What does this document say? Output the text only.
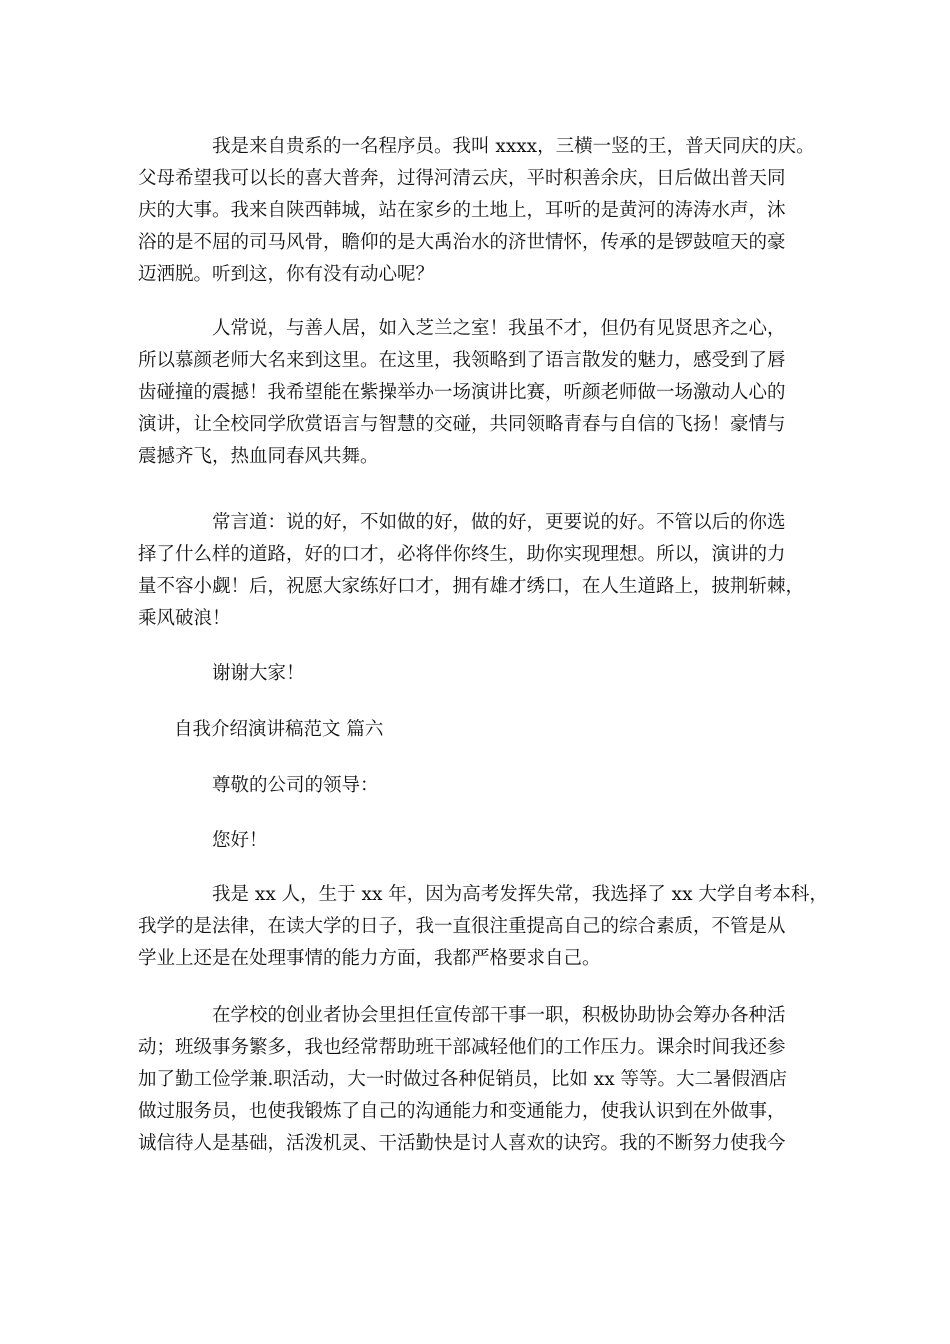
我是来自贵系的一名程序员。我叫 xxxx，三横一竖的王，普天同庆的庆。
父母希望我可以长的喜大普奔，过得河清云庆，平时积善余庆，日后做出普天同
庆的大事。我来自陕西韩城，站在家乡的土地上，耳听的是黄河的涛涛水声，沐
浴的是不屈的司马风骨，瞻仰的是大禹治水的济世情怀，传承的是锣鼓喧天的豪
迈洒脱。听到这，你有没有动心呢？
人常说，与善人居，如入芝兰之室！我虽不才，但仍有见贤思齐之心，
所以慕颜老师大名来到这里。在这里，我领略到了语言散发的魅力，感受到了唇
齿碰撞的震撼！我希望能在紫操举办一场演讲比赛，听颜老师做一场激动人心的
演讲，让全校同学欣赏语言与智慧的交碰，共同领略青春与自信的飞扬！豪情与
震撼齐飞，热血同春风共舞。
常言道：说的好，不如做的好，做的好，更要说的好。不管以后的你选
择了什么样的道路，好的口才，必将伴你终生，助你实现理想。所以，演讲的力
量不容小觑！后，祝愿大家练好口才，拥有雄才绣口，在人生道路上，披荆斩棘，
乘风破浪！
谢谢大家！
自我介绍演讲稿范文 篇六
尊敬的公司的领导：
您好！
我是 xx 人，生于 xx 年，因为高考发挥失常，我选择了 xx 大学自考本科，
我学的是法律，在读大学的日子，我一直很注重提高自己的综合素质，不管是从
学业上还是在处理事情的能力方面，我都严格要求自己。
在学校的创业者协会里担任宣传部干事一职，积极协助协会筹办各种活
动；班级事务繁多，我也经常帮助班干部减轻他们的工作压力。课余时间我还参
加了勤工俭学兼.职活动，大一时做过各种促销员，比如 xx 等等。大二暑假酒店
做过服务员，也使我锻炼了自己的沟通能力和变通能力，使我认识到在外做事，
诚信待人是基础，活泼机灵、干活勤快是讨人喜欢的诀窍。我的不断努力使我今
